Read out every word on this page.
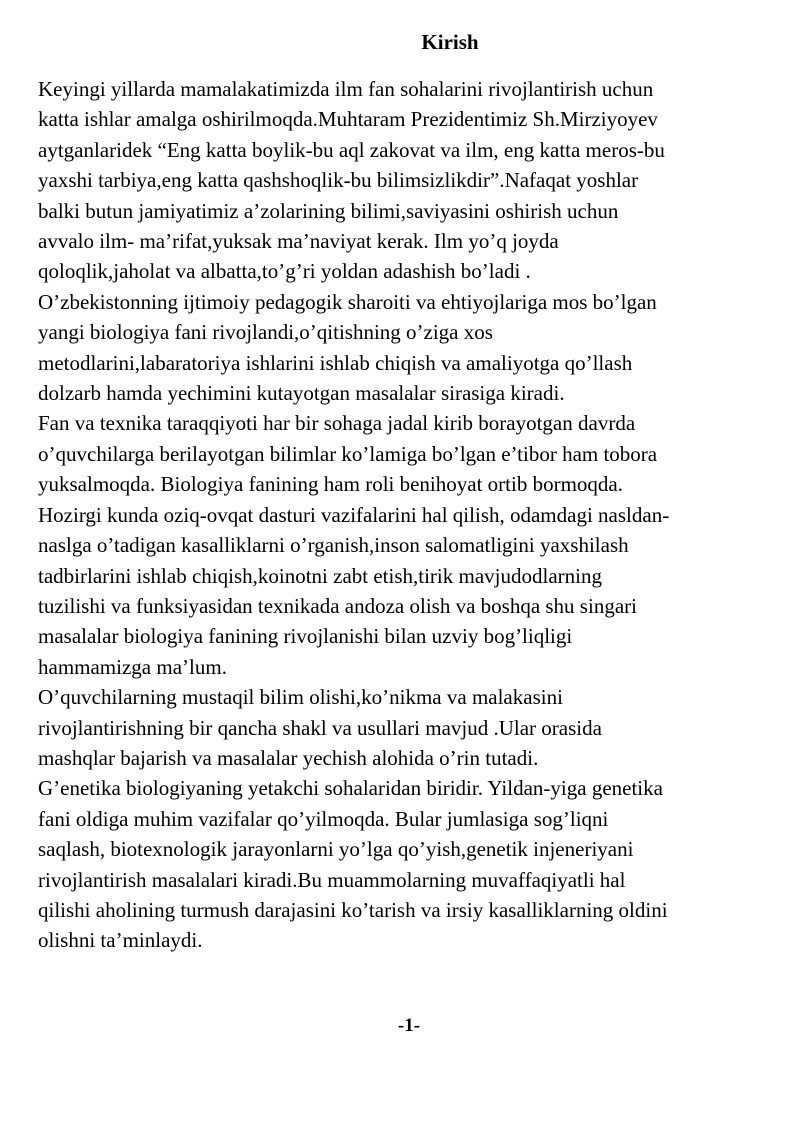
Kirish
Keyingi yillarda mamalakatimizda ilm fan sohalarini rivojlantirish uchun
katta ishlar amalga oshirilmoqda.Muhtaram Prezidentimiz Sh.Mirziyoyev
aytganlaridek “Eng katta boylik-bu aql zakovat va ilm, eng katta meros-bu
yaxshi tarbiya,eng katta qashshoqlik-bu bilimsizlikdir”.Nafaqat yoshlar
balki butun jamiyatimiz a’zolarining bilimi,saviyasini oshirish uchun
avvalo ilm- ma’rifat,yuksak ma’naviyat kerak. Ilm yo’q joyda
qoloqlik,jaholat va albatta,to’g’ri yoldan adashish bo’ladi .
O’zbekistonning ijtimoiy pedagogik sharoiti va ehtiyojlariga mos bo’lgan
yangi biologiya fani rivojlandi,o’qitishning o’ziga xos
metodlarini,labaratoriya ishlarini ishlab chiqish va amaliyotga qo’llash
dolzarb hamda yechimini kutayotgan masalalar sirasiga kiradi.
Fan va texnika taraqqiyoti har bir sohaga jadal kirib borayotgan davrda
o’quvchilarga berilayotgan bilimlar ko’lamiga bo’lgan e’tibor ham tobora
yuksalmoqda. Biologiya fanining ham roli benihoyat ortib bormoqda.
Hozirgi kunda oziq-ovqat dasturi vazifalarini hal qilish, odamdagi nasldan-
naslga o’tadigan kasalliklarni o’rganish,inson salomatligini yaxshilash
tadbirlarini ishlab chiqish,koinotni zabt etish,tirik mavjudodlarning
tuzilishi va funksiyasidan texnikada andoza olish va boshqa shu singari
masalalar biologiya fanining rivojlanishi bilan uzviy bog’liqligi
hammamizga ma’lum.
O’quvchilarning mustaqil bilim olishi,ko’nikma va malakasini
rivojlantirishning bir qancha shakl va usullari mavjud .Ular orasida
mashqlar bajarish va masalalar yechish alohida o’rin tutadi.
G’enetika biologiyaning yetakchi sohalaridan biridir. Yildan-yiga genetika
fani oldiga muhim vazifalar qo’yilmoqda. Bular jumlasiga sog’liqni
saqlash, biotexnologik jarayonlarni yo’lga qo’yish,genetik injeneriyani
rivojlantirish masalalari kiradi.Bu muammolarning muvaffaqiyatli hal
qilishi aholining turmush darajasini ko’tarish va irsiy kasalliklarning oldini
olishni ta’minlaydi.
-1-
